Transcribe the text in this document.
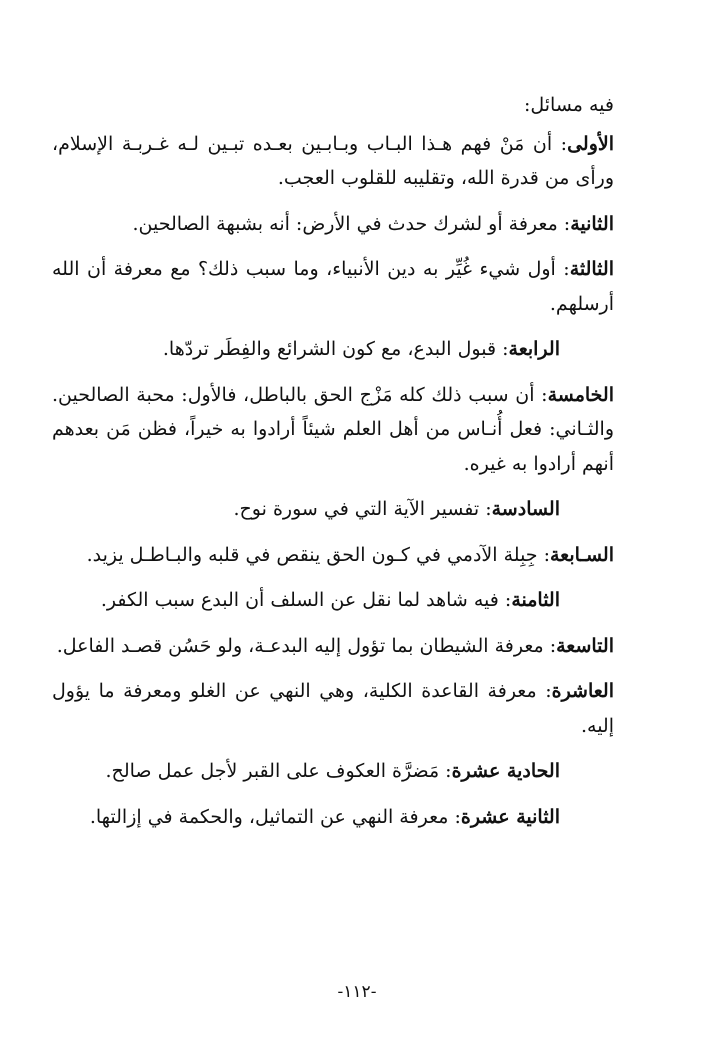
فيه مسائل:

الأولى: أن مَنْ فهم هـذا البـاب وبـابـين بعـده تبـين لـه غـربـة الإسلام، ورأى من قدرة الله، وتقليبه للقلوب العجب.

الثانية: معرفة أو لشرك حدث في الأرض: أنه بشبهة الصالحين.

الثالثة: أول شيء غُيِّر به دين الأنبياء، وما سبب ذلك؟ مع معرفة أن الله أرسلهم.

الرابعة: قبول البدع، مع كون الشرائع والفِطَر تردّها.

الخامسة: أن سبب ذلك كله مَزْج الحق بالباطل، فالأول: محبة الصالحين. والثـاني: فعل أُنـاس من أهل العلم شيئاً أرادوا به خيراً، فظن مَن بعدهم أنهم أرادوا به غيره.

السادسة: تفسير الآية التي في سورة نوح.

السـابعة: جِبِلة الآدمي في كـون الحق ينقص في قلبه والبـاطـل يزيد.

الثامنة: فيه شاهد لما نقل عن السلف أن البدع سبب الكفر.

التاسعة: معرفة الشيطان بما تؤول إليه البدعـة، ولو حَسُن قصـد الفاعل.

العاشرة: معرفة القاعدة الكلية، وهي النهي عن الغلو ومعرفة ما يؤول إليه.

الحادية عشرة: مَضرَّة العكوف على القبر لأجل عمل صالح.

الثانية عشرة: معرفة النهي عن التماثيل، والحكمة في إزالتها.

-١١٢-
